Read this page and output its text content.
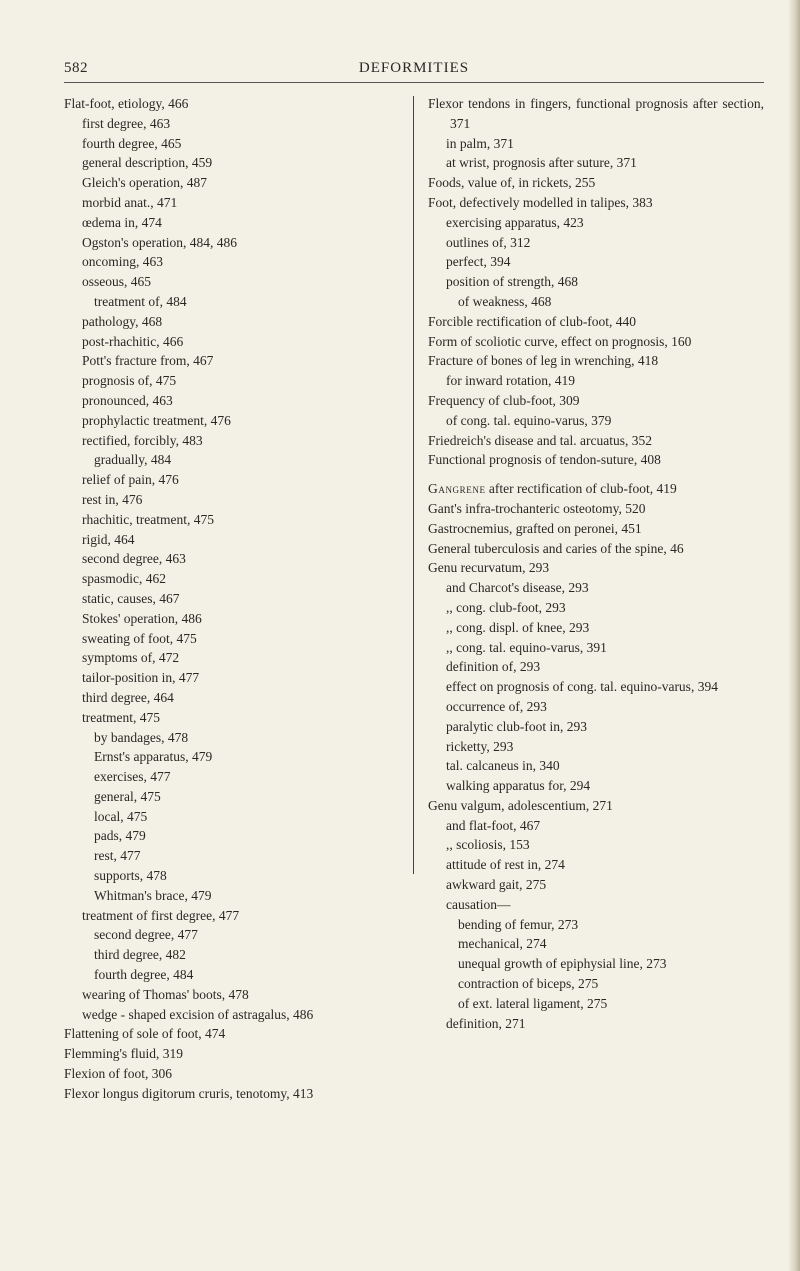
582	DEFORMITIES
Flat-foot, etiology, 466
first degree, 463
fourth degree, 465
general description, 459
Gleich's operation, 487
morbid anat., 471
œdema in, 474
Ogston's operation, 484, 486
oncoming, 463
osseous, 465
treatment of, 484
pathology, 468
post-rhachitic, 466
Pott's fracture from, 467
prognosis of, 475
pronounced, 463
prophylactic treatment, 476
rectified, forcibly, 483
gradually, 484
relief of pain, 476
rest in, 476
rhachitic, treatment, 475
rigid, 464
second degree, 463
spasmodic, 462
static, causes, 467
Stokes' operation, 486
sweating of foot, 475
symptoms of, 472
tailor-position in, 477
third degree, 464
treatment, 475
by bandages, 478
Ernst's apparatus, 479
exercises, 477
general, 475
local, 475
pads, 479
rest, 477
supports, 478
Whitman's brace, 479
treatment of first degree, 477
second degree, 477
third degree, 482
fourth degree, 484
wearing of Thomas' boots, 478
wedge - shaped excision of astragalus, 486
Flattening of sole of foot, 474
Flemming's fluid, 319
Flexion of foot, 306
Flexor longus digitorum cruris, tenotomy, 413
Flexor tendons in fingers, functional prognosis after section, 371
in palm, 371
at wrist, prognosis after suture, 371
Foods, value of, in rickets, 255
Foot, defectively modelled in talipes, 383
exercising apparatus, 423
outlines of, 312
perfect, 394
position of strength, 468
of weakness, 468
Forcible rectification of club-foot, 440
Form of scoliotic curve, effect on prognosis, 160
Fracture of bones of leg in wrenching, 418
for inward rotation, 419
Frequency of club-foot, 309
of cong. tal. equino-varus, 379
Friedreich's disease and tal. arcuatus, 352
Functional prognosis of tendon-suture, 408
Gangrene after rectification of club-foot, 419
Gant's infra-trochanteric osteotomy, 520
Gastrocnemius, grafted on peronei, 451
General tuberculosis and caries of the spine, 46
Genu recurvatum, 293
and Charcot's disease, 293
,, cong. club-foot, 293
,, cong. displ. of knee, 293
,, cong. tal. equino-varus, 391
definition of, 293
effect on prognosis of cong. tal. equino-varus, 394
occurrence of, 293
paralytic club-foot in, 293
ricketty, 293
tal. calcaneus in, 340
walking apparatus for, 294
Genu valgum, adolescentium, 271
and flat-foot, 467
,, scoliosis, 153
attitude of rest in, 274
awkward gait, 275
causation—
bending of femur, 273
mechanical, 274
unequal growth of epiphysial line, 273
contraction of biceps, 275
of ext. lateral ligament, 275
definition, 271
